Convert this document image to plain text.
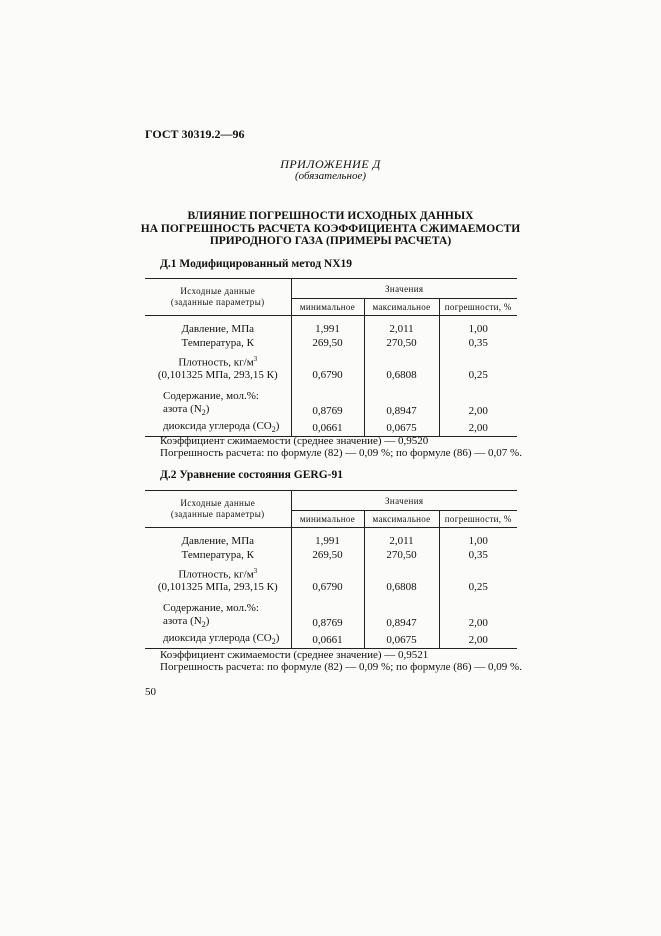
ГОСТ 30319.2—96
ПРИЛОЖЕНИЕ Д
(обязательное)
ВЛИЯНИЕ ПОГРЕШНОСТИ ИСХОДНЫХ ДАННЫХ
НА ПОГРЕШНОСТЬ РАСЧЕТА КОЭФФИЦИЕНТА СЖИМАЕМОСТИ
ПРИРОДНОГО ГАЗА (ПРИМЕРЫ РАСЧЕТА)
Д.1 Модифицированный метод NX19
Исходные данные
(заданные параметры)	Значения		
	минимальное	максимальное	погрешности, %
Давление, МПа	1,991	2,011	1,00
Температура, К	269,50	270,50	0,35

Плотность, $кг/м^3$
(0,101325 МПа, 293,15 К)	0,6790	0,6808	0,25
Содержание, мол.%:			
азота $(N_2)$	0,8769	0,8947	2,00
диоксида углерода $(CO_2)$	0,0661	0,0675	2,00
Коэффициент сжимаемости (среднее значение) — 0,9520
Погрешность расчета: по формуле (82) — 0,09 %; по формуле (86) — 0,07 %.
Д.2 Уравнение состояния GERG-91
Исходные данные
(заданные параметры)	Значения		
	минимальное	максимальное	погрешности, %
Давление, МПа	1,991	2,011	1,00
Температура, К	269,50	270,50	0,35

Плотность, $кг/м^3$
(0,101325 МПа, 293,15 К)	0,6790	0,6808	0,25
Содержание, мол.%:			
азота $(N_2)$	0,8769	0,8947	2,00
диоксида углерода $(CO_2)$	0,0661	0,0675	2,00
Коэффициент сжимаемости (среднее значение) — 0,9521
Погрешность расчета: по формуле (82) — 0,09 %; по формуле (86) — 0,09 %.
50
